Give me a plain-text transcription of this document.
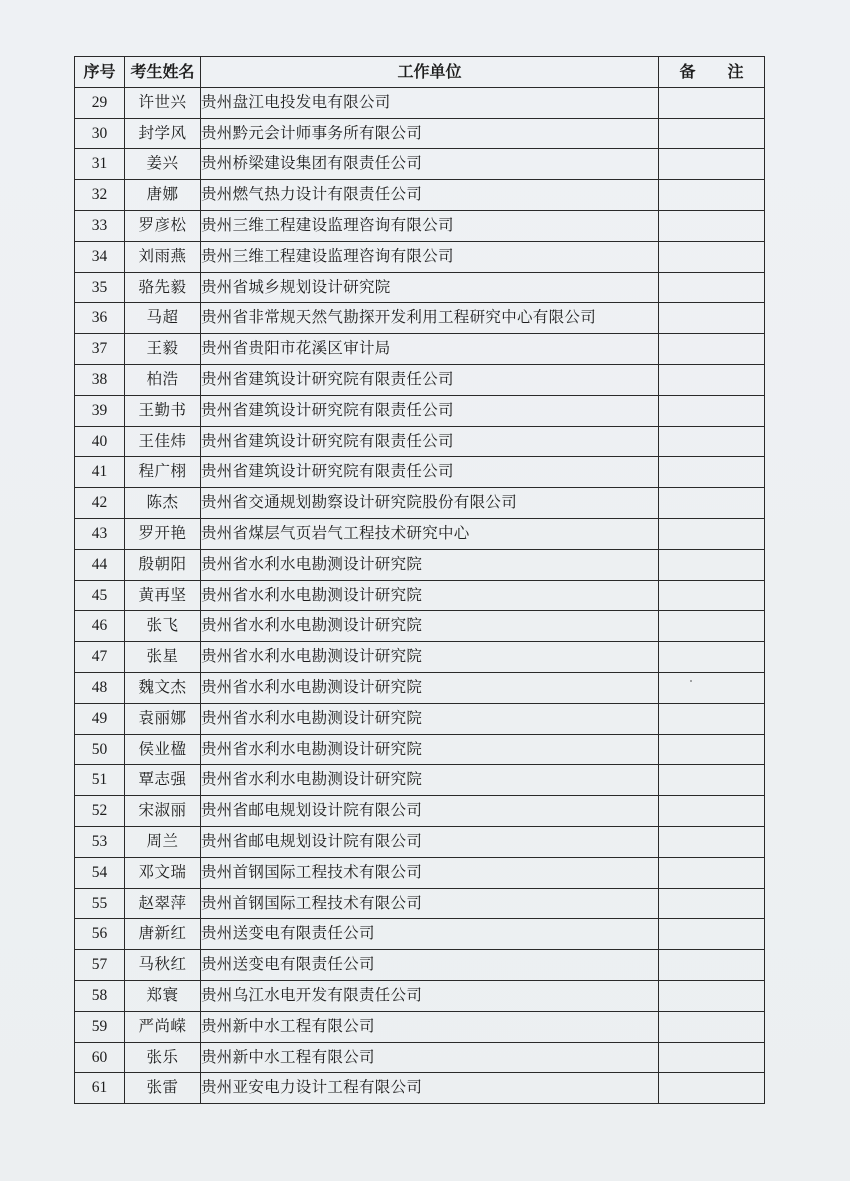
序号	考生姓名	工作单位	备　　注
29	许世兴	贵州盘江电投发电有限公司	
30	封学风	贵州黔元会计师事务所有限公司	
31	姜兴	贵州桥梁建设集团有限责任公司	
32	唐娜	贵州燃气热力设计有限责任公司	
33	罗彦松	贵州三维工程建设监理咨询有限公司	
34	刘雨燕	贵州三维工程建设监理咨询有限公司	
35	骆先毅	贵州省城乡规划设计研究院	
36	马超	贵州省非常规天然气勘探开发利用工程研究中心有限公司	
37	王毅	贵州省贵阳市花溪区审计局	
38	柏浩	贵州省建筑设计研究院有限责任公司	
39	王勤书	贵州省建筑设计研究院有限责任公司	
40	王佳炜	贵州省建筑设计研究院有限责任公司	
41	程广栩	贵州省建筑设计研究院有限责任公司	
42	陈杰	贵州省交通规划勘察设计研究院股份有限公司	
43	罗开艳	贵州省煤层气页岩气工程技术研究中心	
44	殷朝阳	贵州省水利水电勘测设计研究院	
45	黄再坚	贵州省水利水电勘测设计研究院	
46	张飞	贵州省水利水电勘测设计研究院	
47	张星	贵州省水利水电勘测设计研究院	
48	魏文杰	贵州省水利水电勘测设计研究院	
49	袁丽娜	贵州省水利水电勘测设计研究院	
50	侯业楹	贵州省水利水电勘测设计研究院	
51	覃志强	贵州省水利水电勘测设计研究院	
52	宋淑丽	贵州省邮电规划设计院有限公司	
53	周兰	贵州省邮电规划设计院有限公司	
54	邓文瑞	贵州首钢国际工程技术有限公司	
55	赵翠萍	贵州首钢国际工程技术有限公司	
56	唐新红	贵州送变电有限责任公司	
57	马秋红	贵州送变电有限责任公司	
58	郑寰	贵州乌江水电开发有限责任公司	
59	严尚嵘	贵州新中水工程有限公司	
60	张乐	贵州新中水工程有限公司	
61	张雷	贵州亚安电力设计工程有限公司	
